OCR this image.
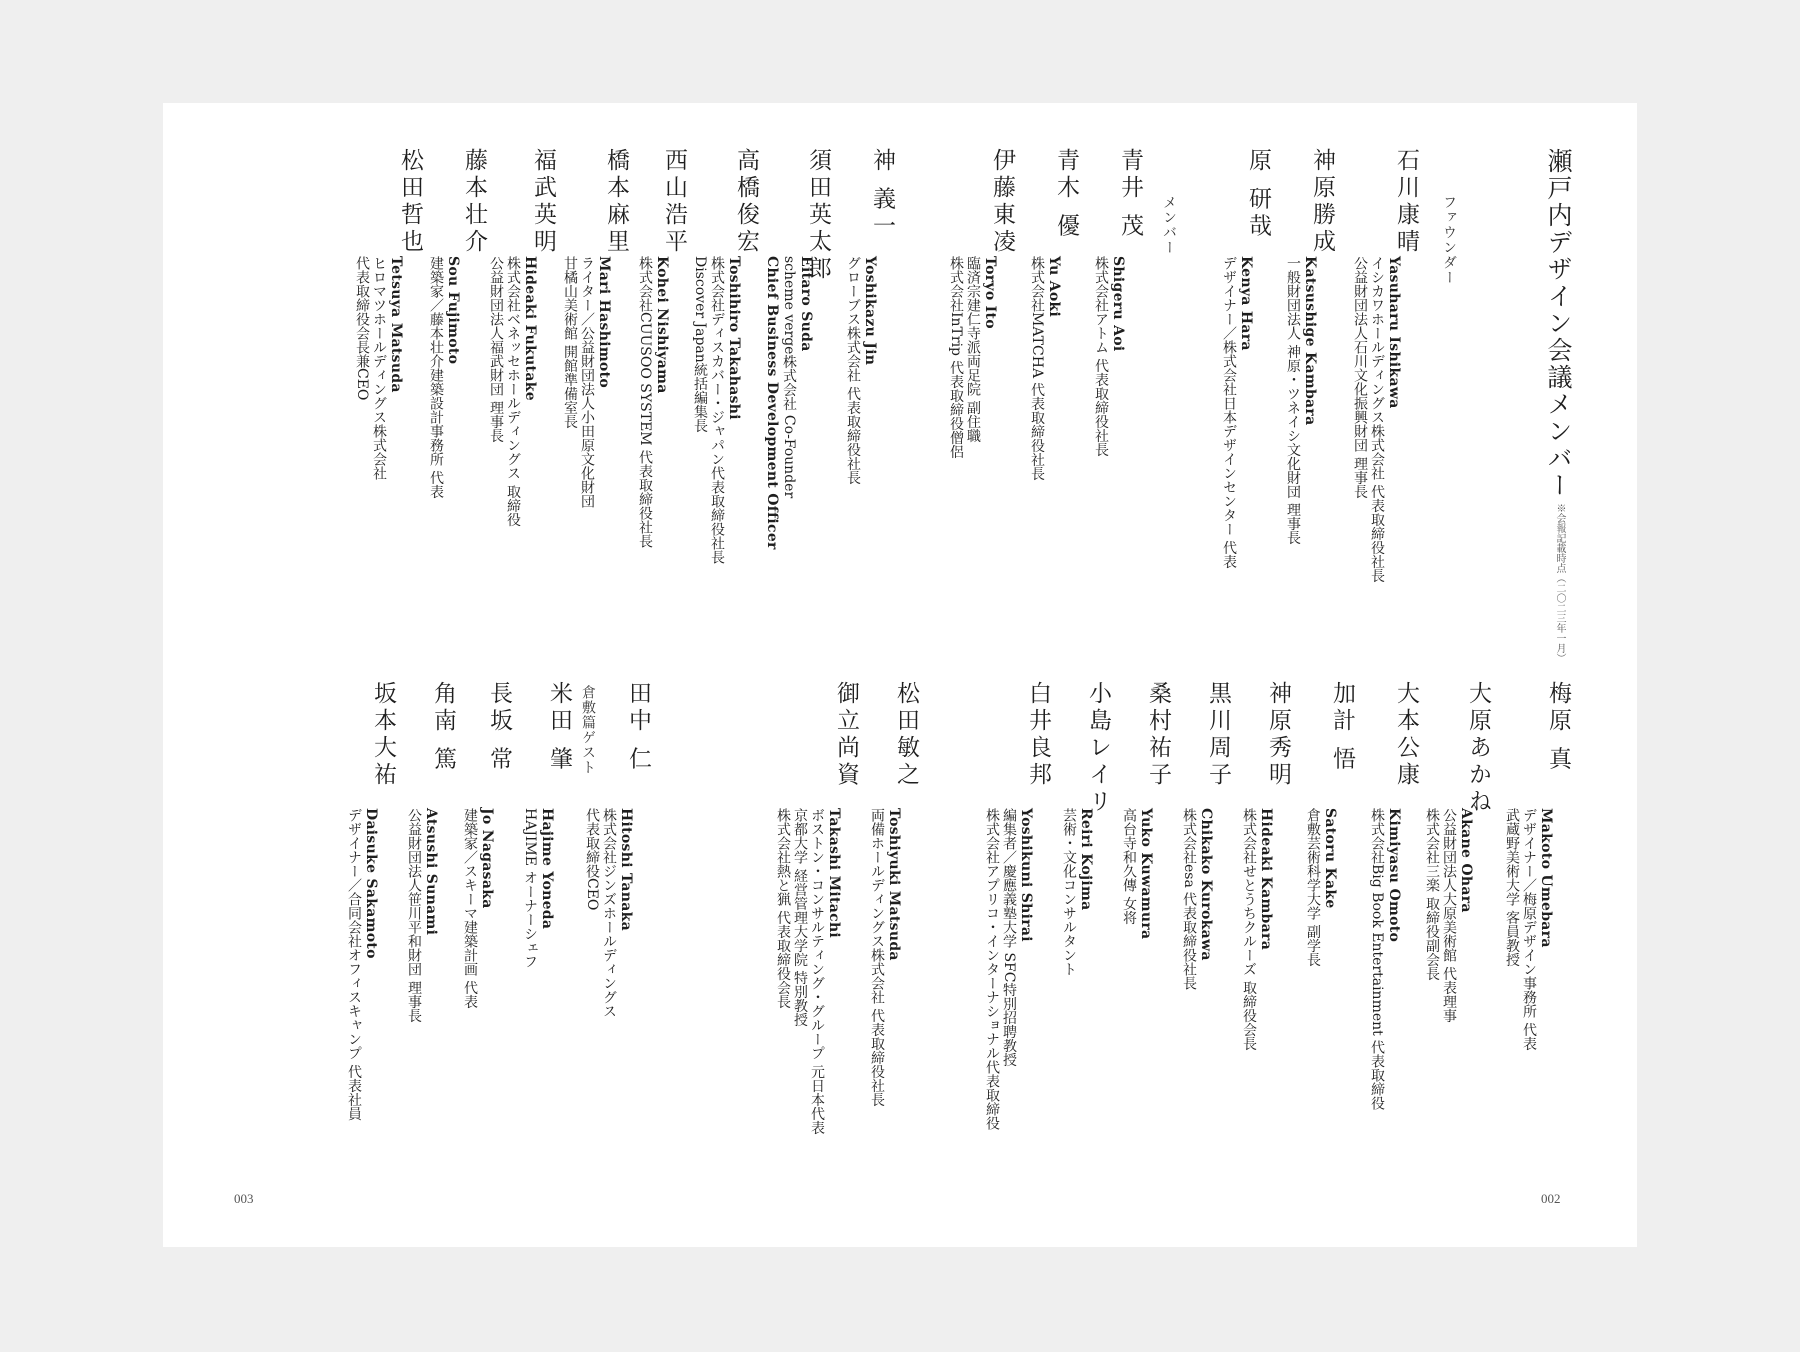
瀬戸内デザイン会議メンバー
※会報記載時点（二〇二三年一月）
ファウンダー
メンバー
倉敷篇ゲスト
石川康晴
Yasuharu Ishikawa
イシカワホールディングス株式会社 代表取締役社長
公益財団法人石川文化振興財団 理事長
神原勝成
Katsushige Kambara
一般財団法人 神原・ツネイシ文化財団 理事長
原 研哉
Kenya Hara
デザイナー／株式会社日本デザインセンター 代表
青井 茂
Shigeru Aoi
株式会社アトム 代表取締役社長
青木 優
Yu Aoki
株式会社MATCHA 代表取締役社長
伊藤東凌
Toryo Ito
臨済宗建仁寺派両足院 副住職
株式会社InTrip 代表取締役僧侶
神 義一
Yoshikazu Jin
グローブス株式会社 代表取締役社長
須田英太郎
Eitaro Suda
scheme verge株式会社 Co-Founder
Chief Business Development Officer
高橋俊宏
Toshihiro Takahashi
株式会社ディスカバー・ジャパン代表取締役社長
Discover Japan統括編集長
西山浩平
Kohei Nishiyama
株式会社CUUSOO SYSTEM 代表取締役社長
橋本麻里
Mari Hashimoto
ライター／公益財団法人小田原文化財団
甘橘山美術館 開館準備室長
福武英明
Hideaki Fukutake
株式会社ベネッセホールディングス 取締役
公益財団法人福武財団 理事長
藤本壮介
Sou Fujimoto
建築家／藤本壮介建築設計事務所 代表
松田哲也
Tetsuya Matsuda
ヒロマツホールディングス株式会社
代表取締役会長兼CEO
梅原 真
Makoto Umebara
デザイナー／梅原デザイン事務所 代表
武蔵野美術大学 客員教授
大原あかね
Akane Ohara
公益財団法人大原美術館 代表理事
株式会社三楽 取締役副会長
大本公康
Kimiyasu Omoto
株式会社Big Book Entertainment 代表取締役
加計 悟
Satoru Kake
倉敷芸術科学大学 副学長
神原秀明
Hideaki Kambara
株式会社せとうちクルーズ 取締役会長
黒川周子
Chikako Kurokawa
株式会社esa 代表取締役社長
桑村祐子
Yuko Kuwamura
高台寺和久傳 女将
小島レイリ
Reiri Kojima
芸術・文化コンサルタント
白井良邦
Yoshikuni Shirai
編集者／慶應義塾大学 SFC特別招聘教授
株式会社アプリコ・インターナショナル代表取締役
松田敏之
Toshiyuki Matsuda
両備ホールディングス株式会社 代表取締役社長
御立尚資
Takashi Mitachi
ボストン・コンサルティング・グループ 元日本代表
京都大学 経営管理大学院 特別教授
株式会社熱と猟 代表取締役会長
田中 仁
Hitoshi Tanaka
株式会社ジンズホールディングス
代表取締役CEO
米田 肇
Hajime Yoneda
HAJIME オーナーシェフ
長坂 常
Jo Nagasaka
建築家／スキーマ建築計画 代表
角南 篤
Atsushi Sunami
公益財団法人笹川平和財団 理事長
坂本大祐
Daisuke Sakamoto
デザイナー／合同会社オフィスキャンプ 代表社員
003	002
